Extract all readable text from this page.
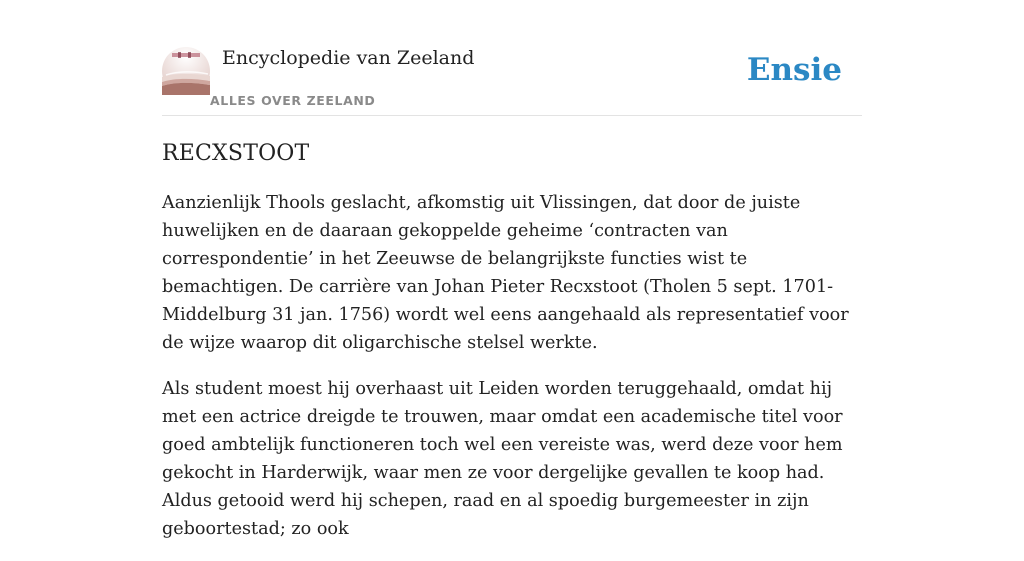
Encyclopedie van Zeeland
ALLES OVER ZEELAND
Ensie
RECXSTOOT

Aanzienlijk Thools geslacht, afkomstig uit Vlissingen, dat door de juiste huwelijken en de daaraan gekoppelde geheime ‘contracten van correspondentie’ in het Zeeuwse de belangrijkste functies wist te bemachtigen. De carrière van Johan Pieter Recxstoot (Tholen 5 sept. 1701-Middelburg 31 jan. 1756) wordt wel eens aangehaald als representatief voor de wijze waarop dit oligarchische stelsel werkte.

Als student moest hij overhaast uit Leiden worden teruggehaald, omdat hij met een actrice dreigde te trouwen, maar omdat een academische titel voor goed ambtelijk functioneren toch wel een vereiste was, werd deze voor hem gekocht in Harderwijk, waar men ze voor dergelijke gevallen te koop had. Aldus getooid werd hij schepen, raad en al spoedig burgemeester in zijn geboortestad; zo ook
